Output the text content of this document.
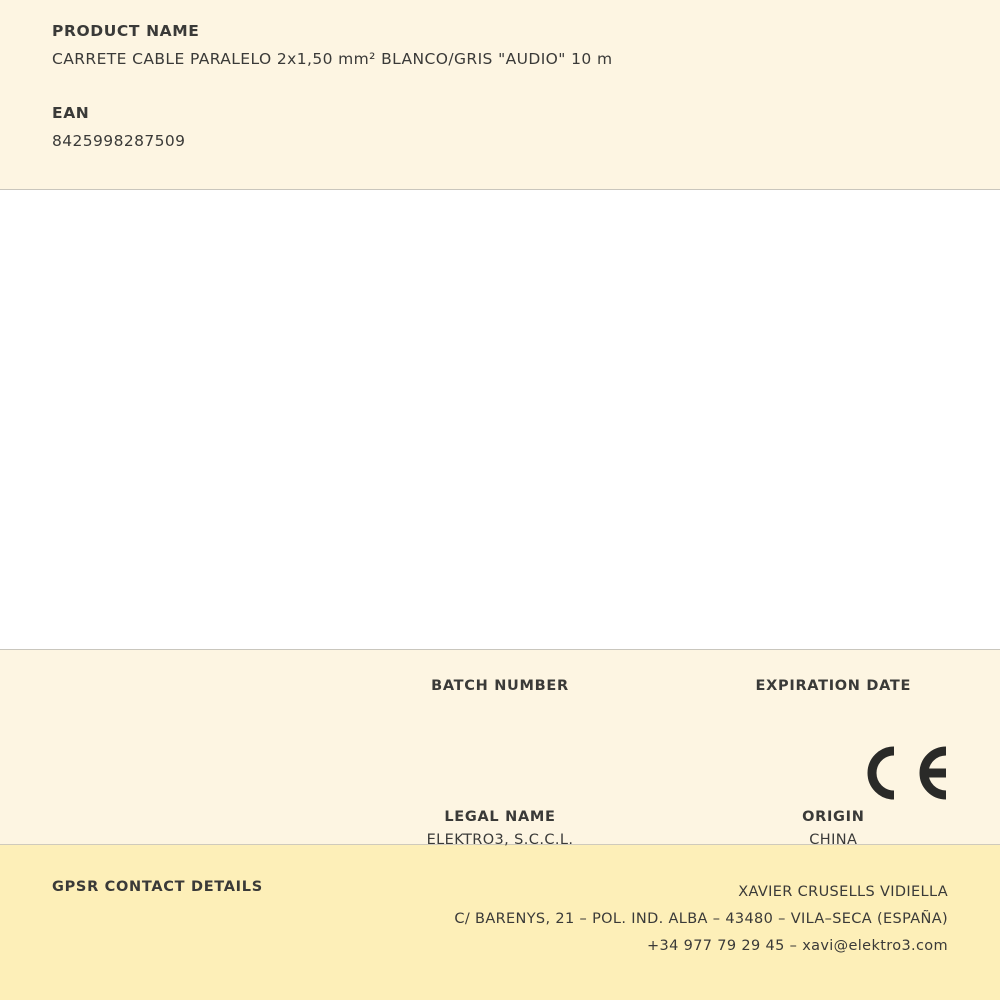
PRODUCT NAME

CARRETE CABLE PARALELO 2x1,50 mm² BLANCO/GRIS "AUDIO" 10 m

EAN

8425998287509

BATCH NUMBER	EXPIRATION DATE

LEGAL NAME

ELEKTRO3, S.C.C.L.

ORIGIN

CHINA

GPSR CONTACT DETAILS	XAVIER CRUSELLS VIDIELLA
C/ BARENYS, 21 – POL. IND. ALBA – 43480 – VILA–SECA (ESPAÑA)
+34 977 79 29 45 – xavi@elektro3.com
